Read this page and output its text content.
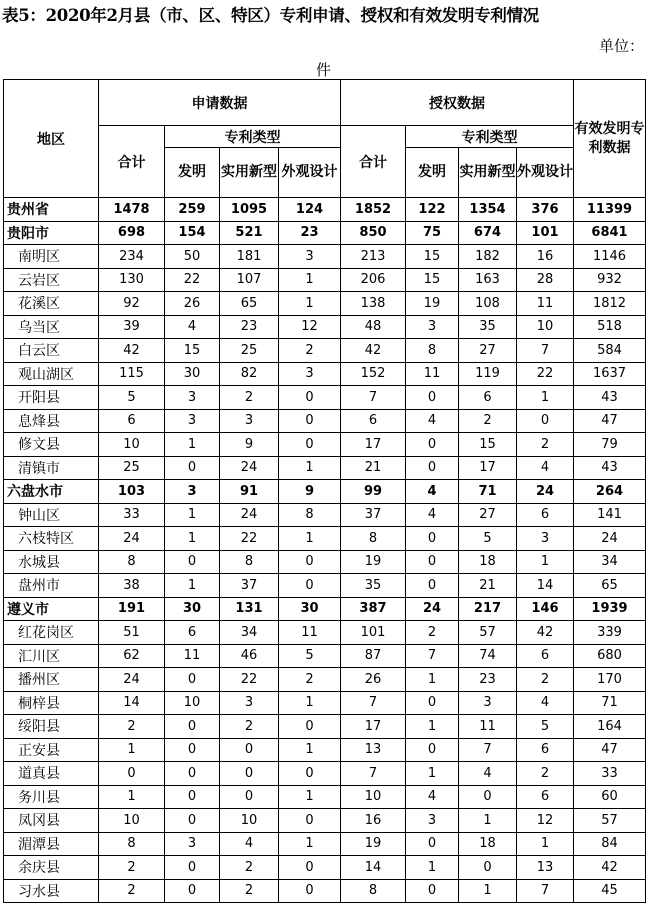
表5：2020年2月县（市、区、特区）专利申请、授权和有效发明专利情况
单位：
件
地区	申请数据				授权数据				有效发明专利数据
	合计	专利类型			合计	专利类型			
		发明	实用新型	外观设计		发明	实用新型	外观设计	
贵州省	1478	259	1095	124	1852	122	1354	376	11399
贵阳市	698	154	521	23	850	75	674	101	6841
南明区	234	50	181	3	213	15	182	16	1146
云岩区	130	22	107	1	206	15	163	28	932
花溪区	92	26	65	1	138	19	108	11	1812
乌当区	39	4	23	12	48	3	35	10	518
白云区	42	15	25	2	42	8	27	7	584
观山湖区	115	30	82	3	152	11	119	22	1637
开阳县	5	3	2	0	7	0	6	1	43
息烽县	6	3	3	0	6	4	2	0	47
修文县	10	1	9	0	17	0	15	2	79
清镇市	25	0	24	1	21	0	17	4	43
六盘水市	103	3	91	9	99	4	71	24	264
钟山区	33	1	24	8	37	4	27	6	141
六枝特区	24	1	22	1	8	0	5	3	24
水城县	8	0	8	0	19	0	18	1	34
盘州市	38	1	37	0	35	0	21	14	65
遵义市	191	30	131	30	387	24	217	146	1939
红花岗区	51	6	34	11	101	2	57	42	339
汇川区	62	11	46	5	87	7	74	6	680
播州区	24	0	22	2	26	1	23	2	170
桐梓县	14	10	3	1	7	0	3	4	71
绥阳县	2	0	2	0	17	1	11	5	164
正安县	1	0	0	1	13	0	7	6	47
道真县	0	0	0	0	7	1	4	2	33
务川县	1	0	0	1	10	4	0	6	60
凤冈县	10	0	10	0	16	3	1	12	57
湄潭县	8	3	4	1	19	0	18	1	84
余庆县	2	0	2	0	14	1	0	13	42
习水县	2	0	2	0	8	0	1	7	45
